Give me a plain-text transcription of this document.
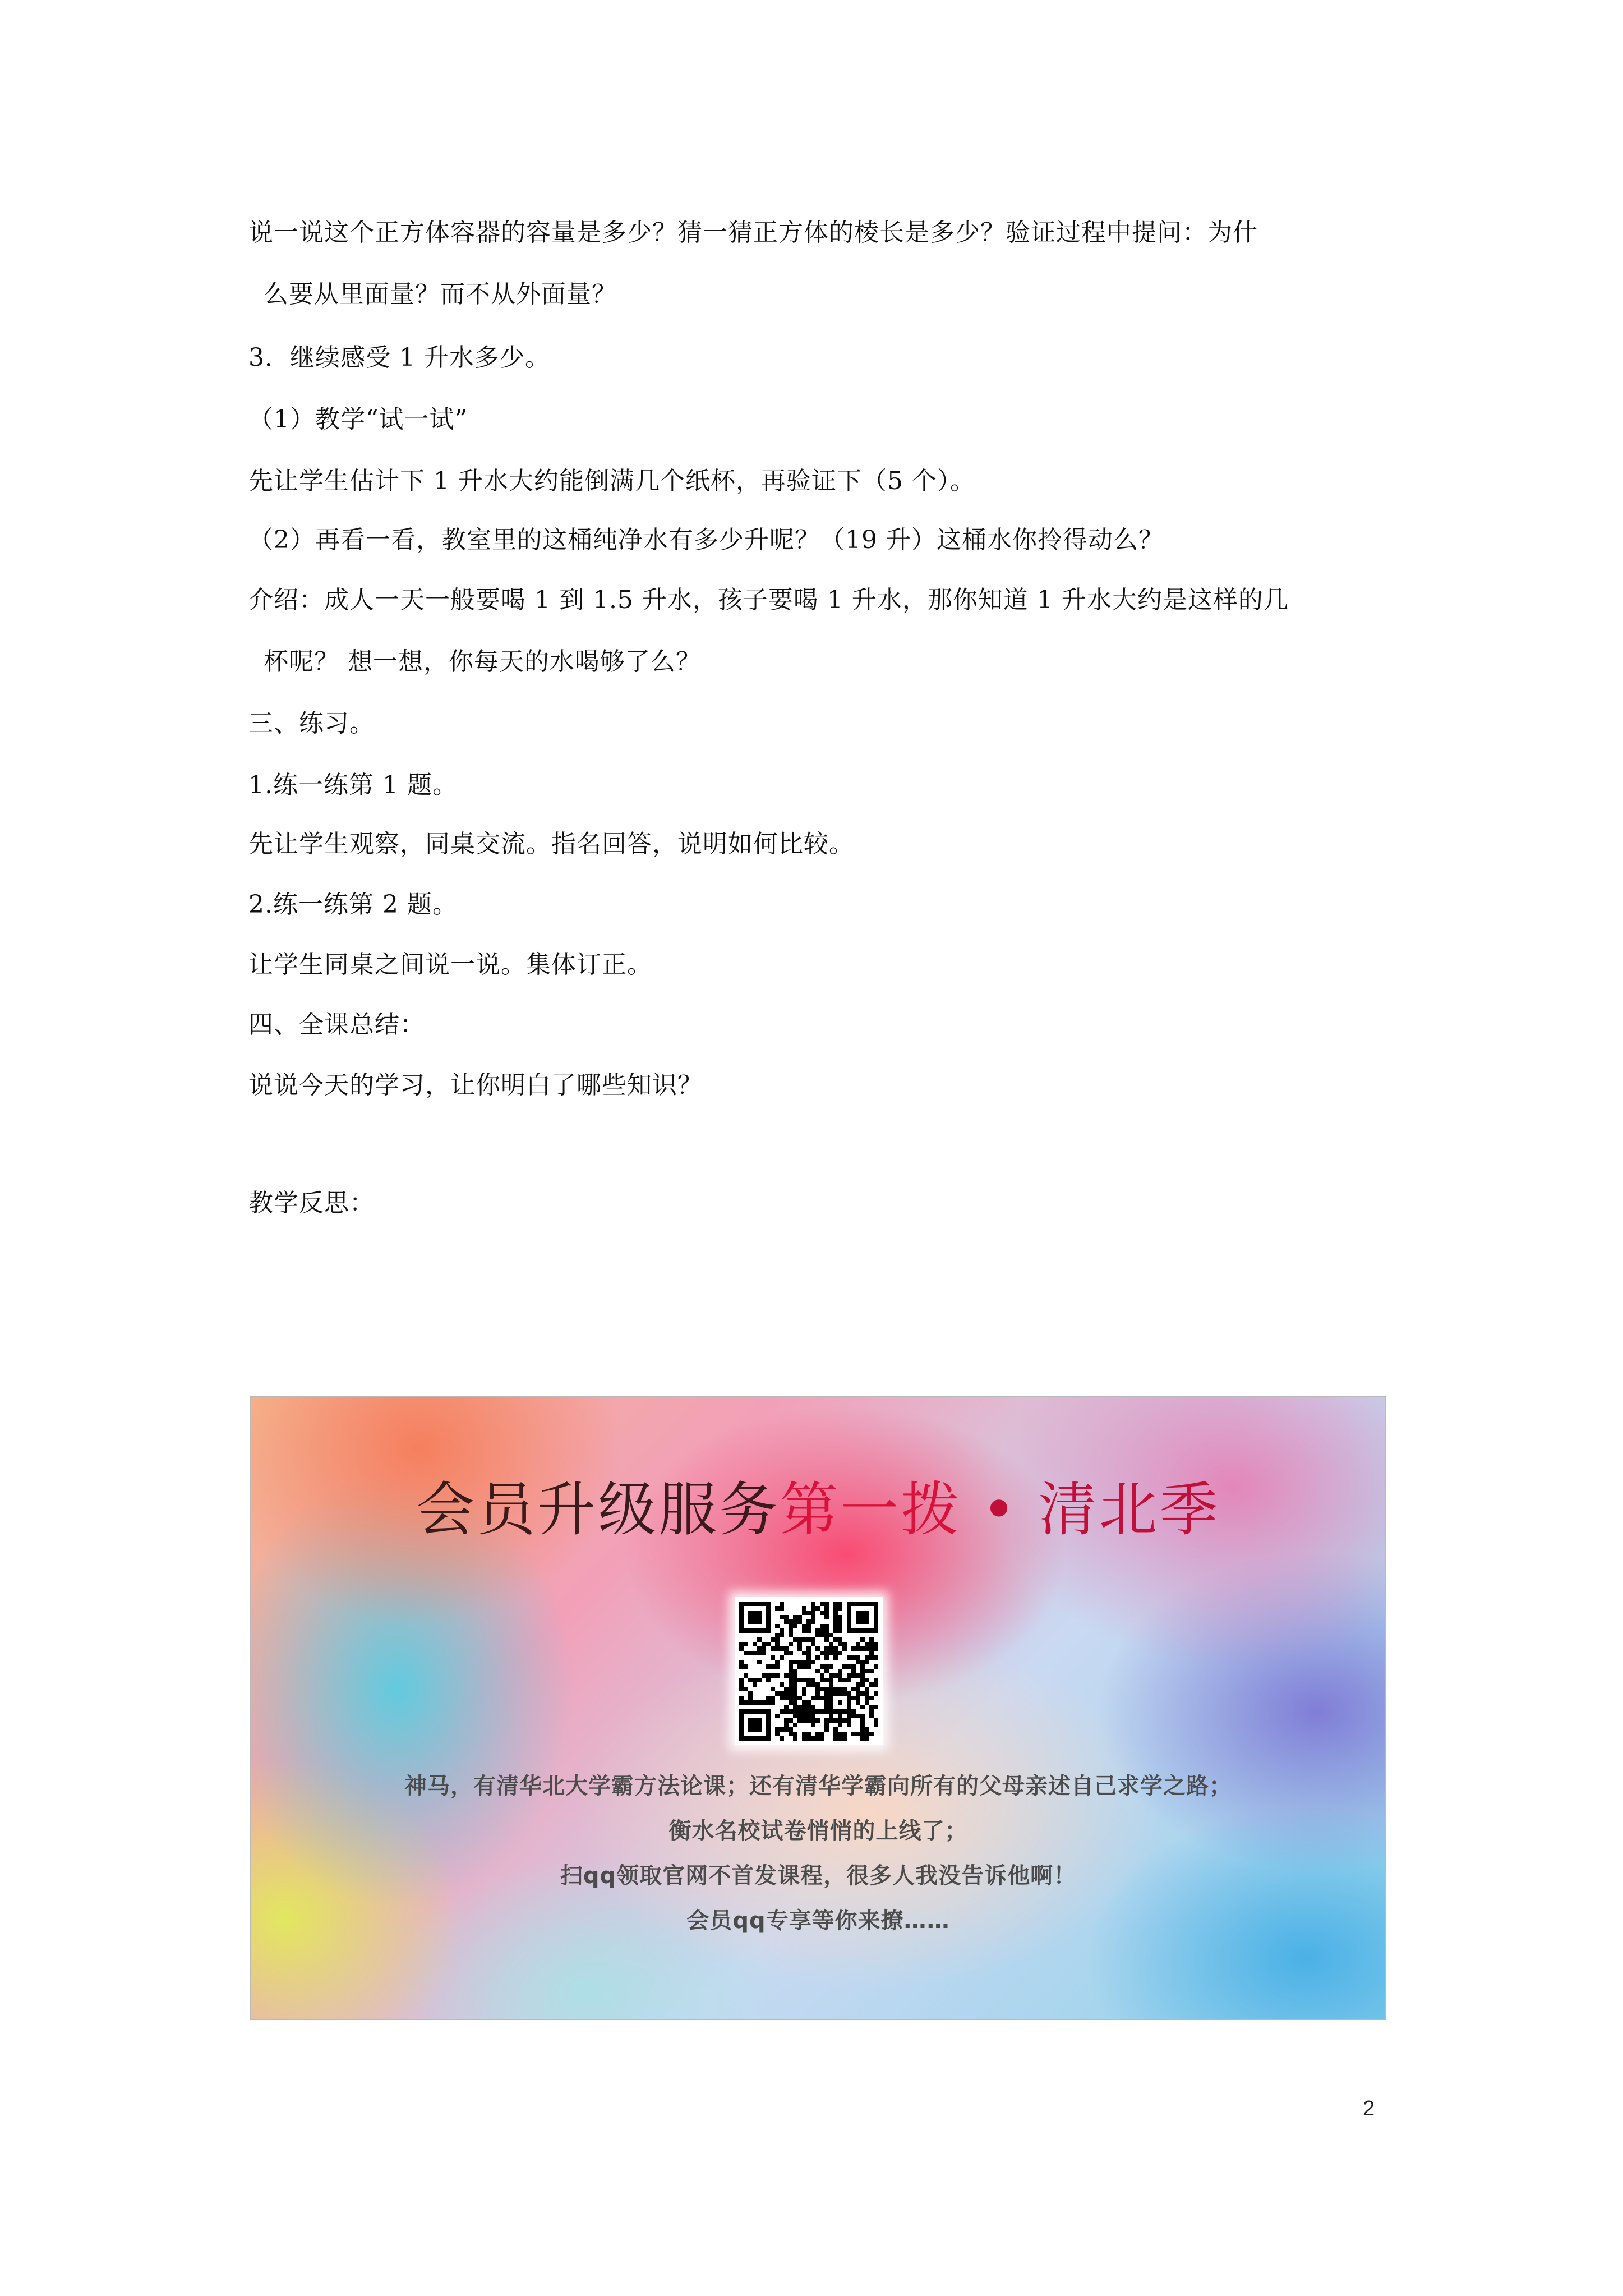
说一说这个正方体容器的容量是多少？猜一猜正方体的棱长是多少？验证过程中提问：为什
么要从里面量？而不从外面量？
3．继续感受 1 升水多少。
（1）教学“试一试”
先让学生估计下 1 升水大约能倒满几个纸杯，再验证下（5 个）。
（2）再看一看，教室里的这桶纯净水有多少升呢？（19 升）这桶水你拎得动么？
介绍：成人一天一般要喝 1 到 1.5 升水，孩子要喝 1 升水，那你知道 1 升水大约是这样的几
杯呢？ 想一想，你每天的水喝够了么？
三、练习。
1.练一练第 1 题。
先让学生观察，同桌交流。指名回答，说明如何比较。
2.练一练第 2 题。
让学生同桌之间说一说。集体订正。
四、全课总结：
说说今天的学习，让你明白了哪些知识？
教学反思：
会员升级服务第一拨 • 清北季
神马，有清华北大学霸方法论课；还有清华学霸向所有的父母亲述自己求学之路；
衡水名校试卷悄悄的上线了；
扫qq领取官网不首发课程，很多人我没告诉他啊！
会员qq专享等你来撩……
2
